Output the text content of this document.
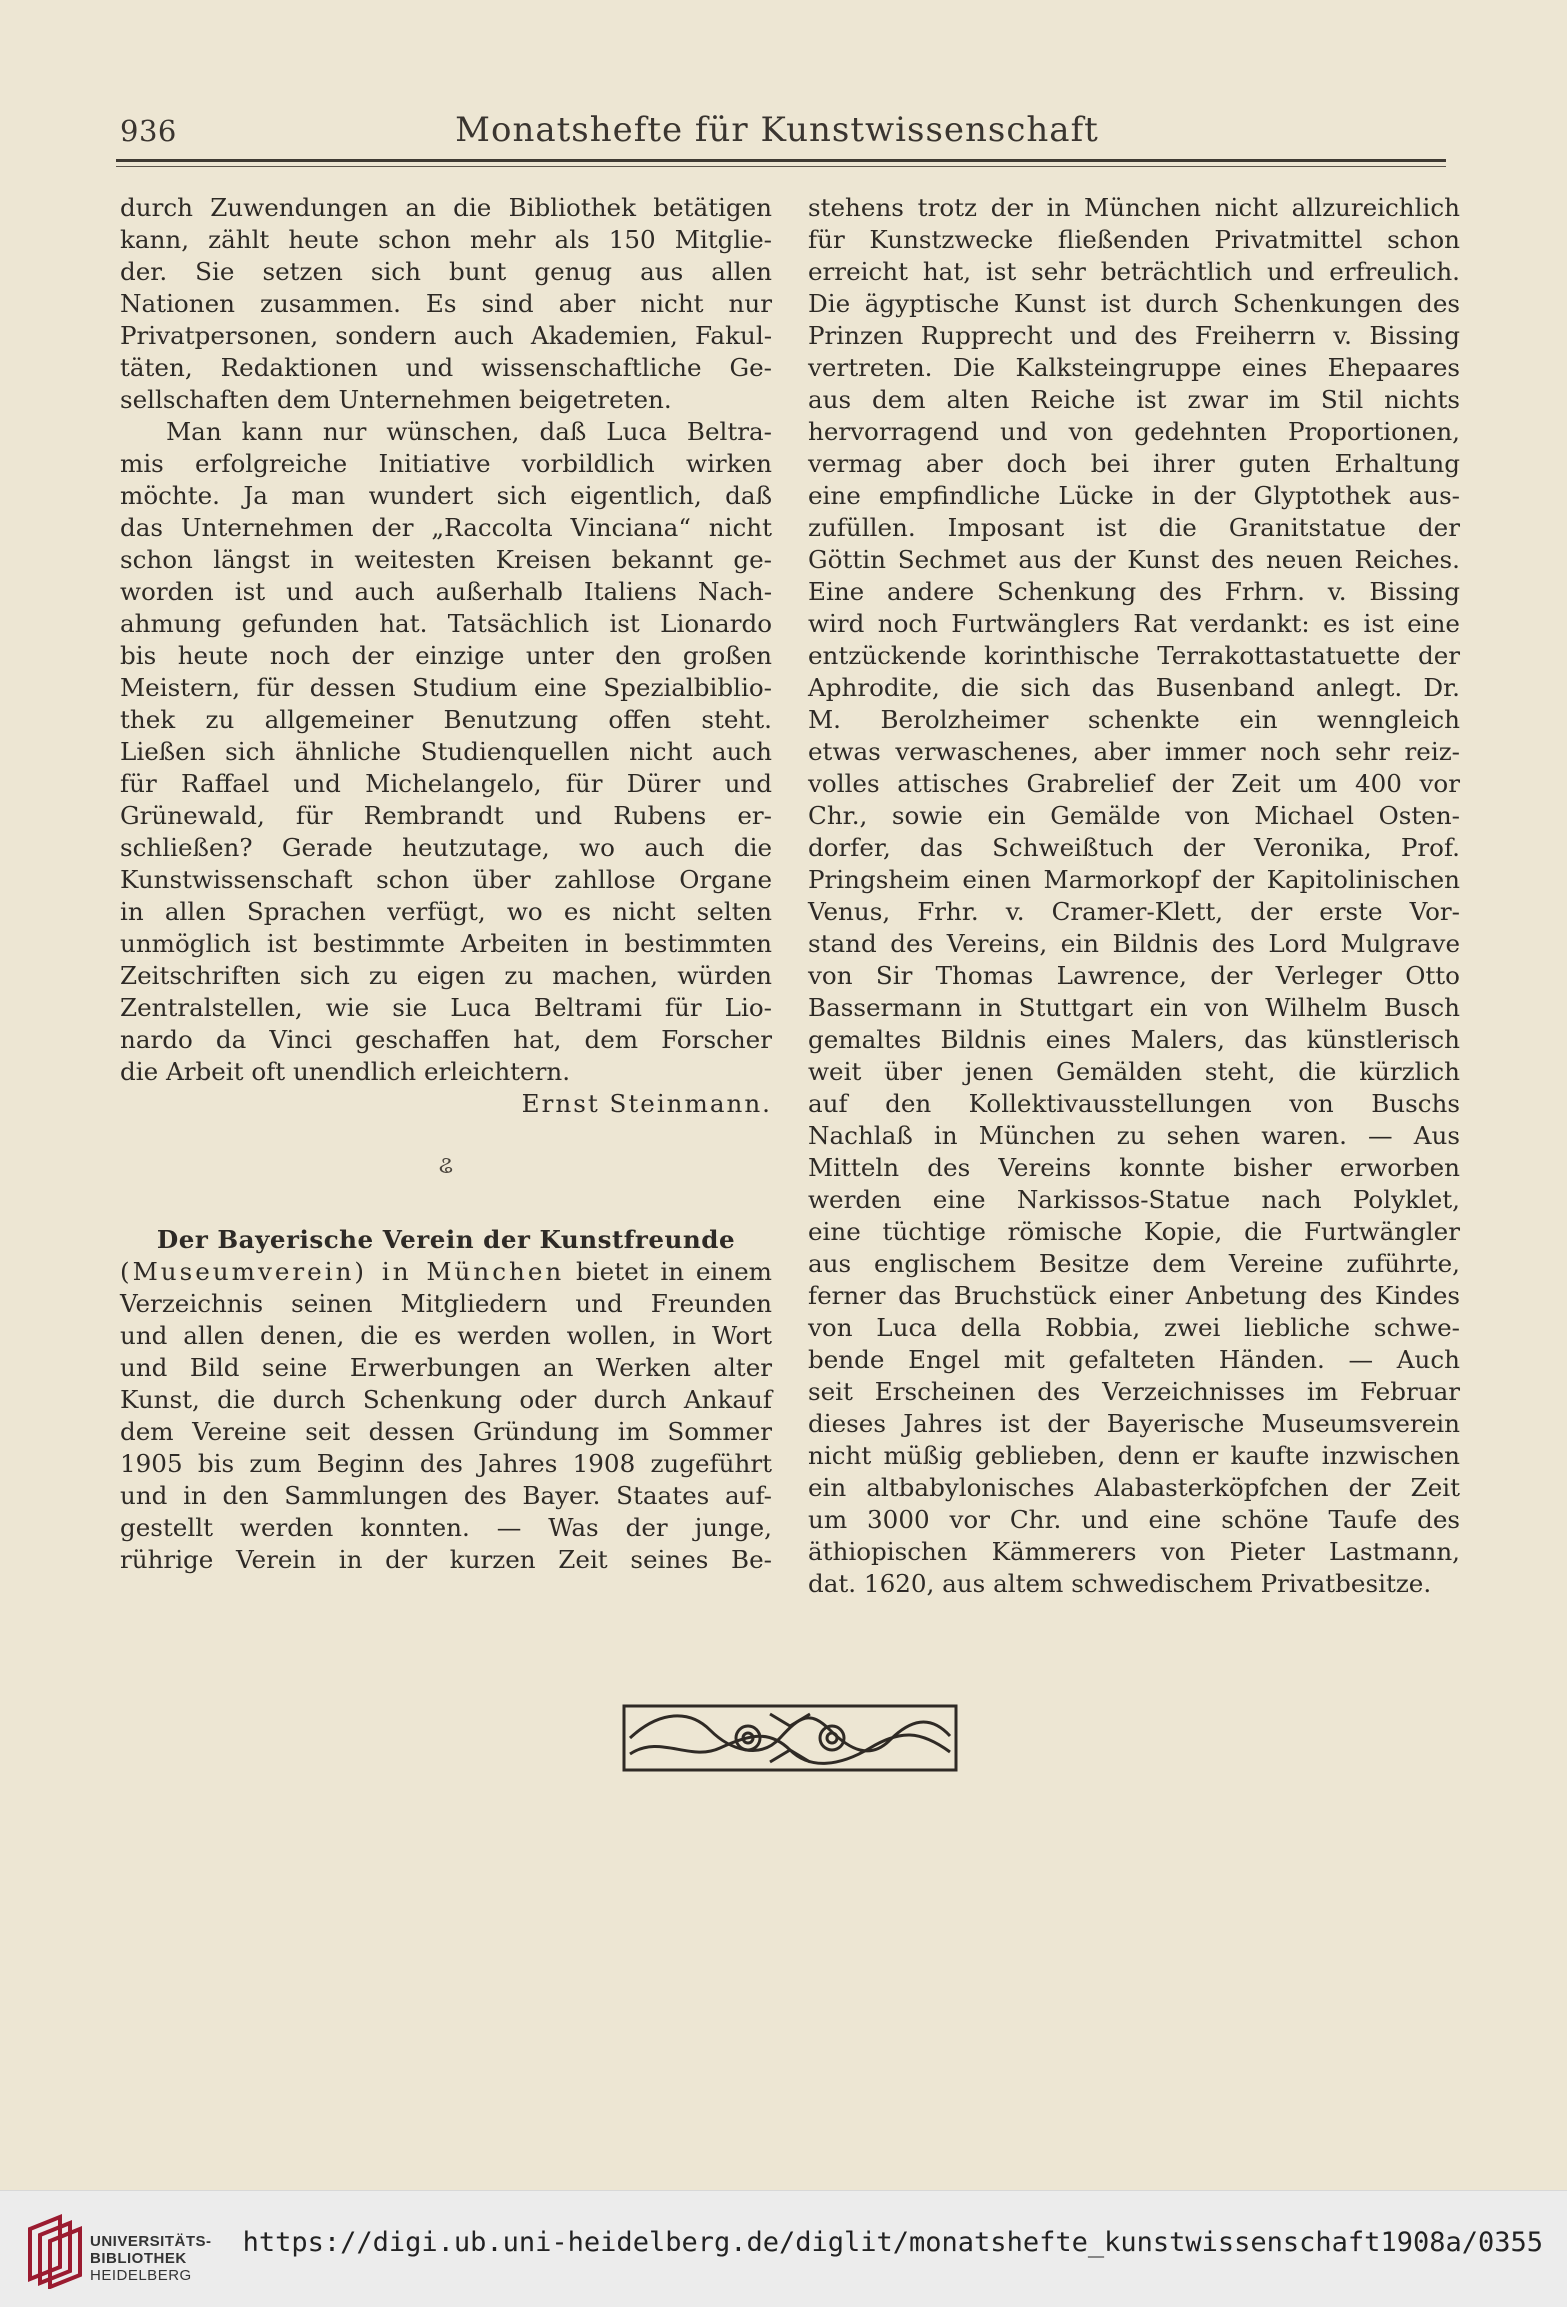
936	Monatshefte für Kunstwissenschaft
durch Zuwendungen an die Bibliothek betätigen
kann, zählt heute schon mehr als 150 Mitglie-
der. Sie setzen sich bunt genug aus allen
Nationen zusammen. Es sind aber nicht nur
Privatpersonen, sondern auch Akademien, Fakul-
täten, Redaktionen und wissenschaftliche Ge-
sellschaften dem Unternehmen beigetreten.
Man kann nur wünschen, daß Luca Beltra-
mis erfolgreiche Initiative vorbildlich wirken
möchte. Ja man wundert sich eigentlich, daß
das Unternehmen der „Raccolta Vinciana“ nicht
schon längst in weitesten Kreisen bekannt ge-
worden ist und auch außerhalb Italiens Nach-
ahmung gefunden hat. Tatsächlich ist Lionardo
bis heute noch der einzige unter den großen
Meistern, für dessen Studium eine Spezialbiblio-
thek zu allgemeiner Benutzung offen steht.
Ließen sich ähnliche Studienquellen nicht auch
für Raffael und Michelangelo, für Dürer und
Grünewald, für Rembrandt und Rubens er-
schließen? Gerade heutzutage, wo auch die
Kunstwissenschaft schon über zahllose Organe
in allen Sprachen verfügt, wo es nicht selten
unmöglich ist bestimmte Arbeiten in bestimmten
Zeitschriften sich zu eigen zu machen, würden
Zentralstellen, wie sie Luca Beltrami für Lio-
nardo da Vinci geschaffen hat, dem Forscher
die Arbeit oft unendlich erleichtern.
Ernst Steinmann.
ଌ
Der Bayerische Verein der Kunstfreunde
(Museumverein) in München bietet in einem
Verzeichnis seinen Mitgliedern und Freunden
und allen denen, die es werden wollen, in Wort
und Bild seine Erwerbungen an Werken alter
Kunst, die durch Schenkung oder durch Ankauf
dem Vereine seit dessen Gründung im Sommer
1905 bis zum Beginn des Jahres 1908 zugeführt
und in den Sammlungen des Bayer. Staates auf-
gestellt werden konnten. — Was der junge,
rührige Verein in der kurzen Zeit seines Be-
stehens trotz der in München nicht allzureichlich
für Kunstzwecke fließenden Privatmittel schon
erreicht hat, ist sehr beträchtlich und erfreulich.
Die ägyptische Kunst ist durch Schenkungen des
Prinzen Rupprecht und des Freiherrn v. Bissing
vertreten. Die Kalksteingruppe eines Ehepaares
aus dem alten Reiche ist zwar im Stil nichts
hervorragend und von gedehnten Proportionen,
vermag aber doch bei ihrer guten Erhaltung
eine empfindliche Lücke in der Glyptothek aus-
zufüllen. Imposant ist die Granitstatue der
Göttin Sechmet aus der Kunst des neuen Reiches.
Eine andere Schenkung des Frhrn. v. Bissing
wird noch Furtwänglers Rat verdankt: es ist eine
entzückende korinthische Terrakottastatuette der
Aphrodite, die sich das Busenband anlegt. Dr.
M. Berolzheimer schenkte ein wenngleich
etwas verwaschenes, aber immer noch sehr reiz-
volles attisches Grabrelief der Zeit um 400 vor
Chr., sowie ein Gemälde von Michael Osten-
dorfer, das Schweißtuch der Veronika, Prof.
Pringsheim einen Marmorkopf der Kapitolinischen
Venus, Frhr. v. Cramer-Klett, der erste Vor-
stand des Vereins, ein Bildnis des Lord Mulgrave
von Sir Thomas Lawrence, der Verleger Otto
Bassermann in Stuttgart ein von Wilhelm Busch
gemaltes Bildnis eines Malers, das künstlerisch
weit über jenen Gemälden steht, die kürzlich
auf den Kollektivausstellungen von Buschs
Nachlaß in München zu sehen waren. — Aus
Mitteln des Vereins konnte bisher erworben
werden eine Narkissos-Statue nach Polyklet,
eine tüchtige römische Kopie, die Furtwängler
aus englischem Besitze dem Vereine zuführte,
ferner das Bruchstück einer Anbetung des Kindes
von Luca della Robbia, zwei liebliche schwe-
bende Engel mit gefalteten Händen. — Auch
seit Erscheinen des Verzeichnisses im Februar
dieses Jahres ist der Bayerische Museumsverein
nicht müßig geblieben, denn er kaufte inzwischen
ein altbabylonisches Alabasterköpfchen der Zeit
um 3000 vor Chr. und eine schöne Taufe des
äthiopischen Kämmerers von Pieter Lastmann,
dat. 1620, aus altem schwedischem Privatbesitze.
UNIVERSITÄTS-
BIBLIOTHEK
HEIDELBERG
https://digi.ub.uni-heidelberg.de/diglit/monatshefte_kunstwissenschaft1908a/0355
